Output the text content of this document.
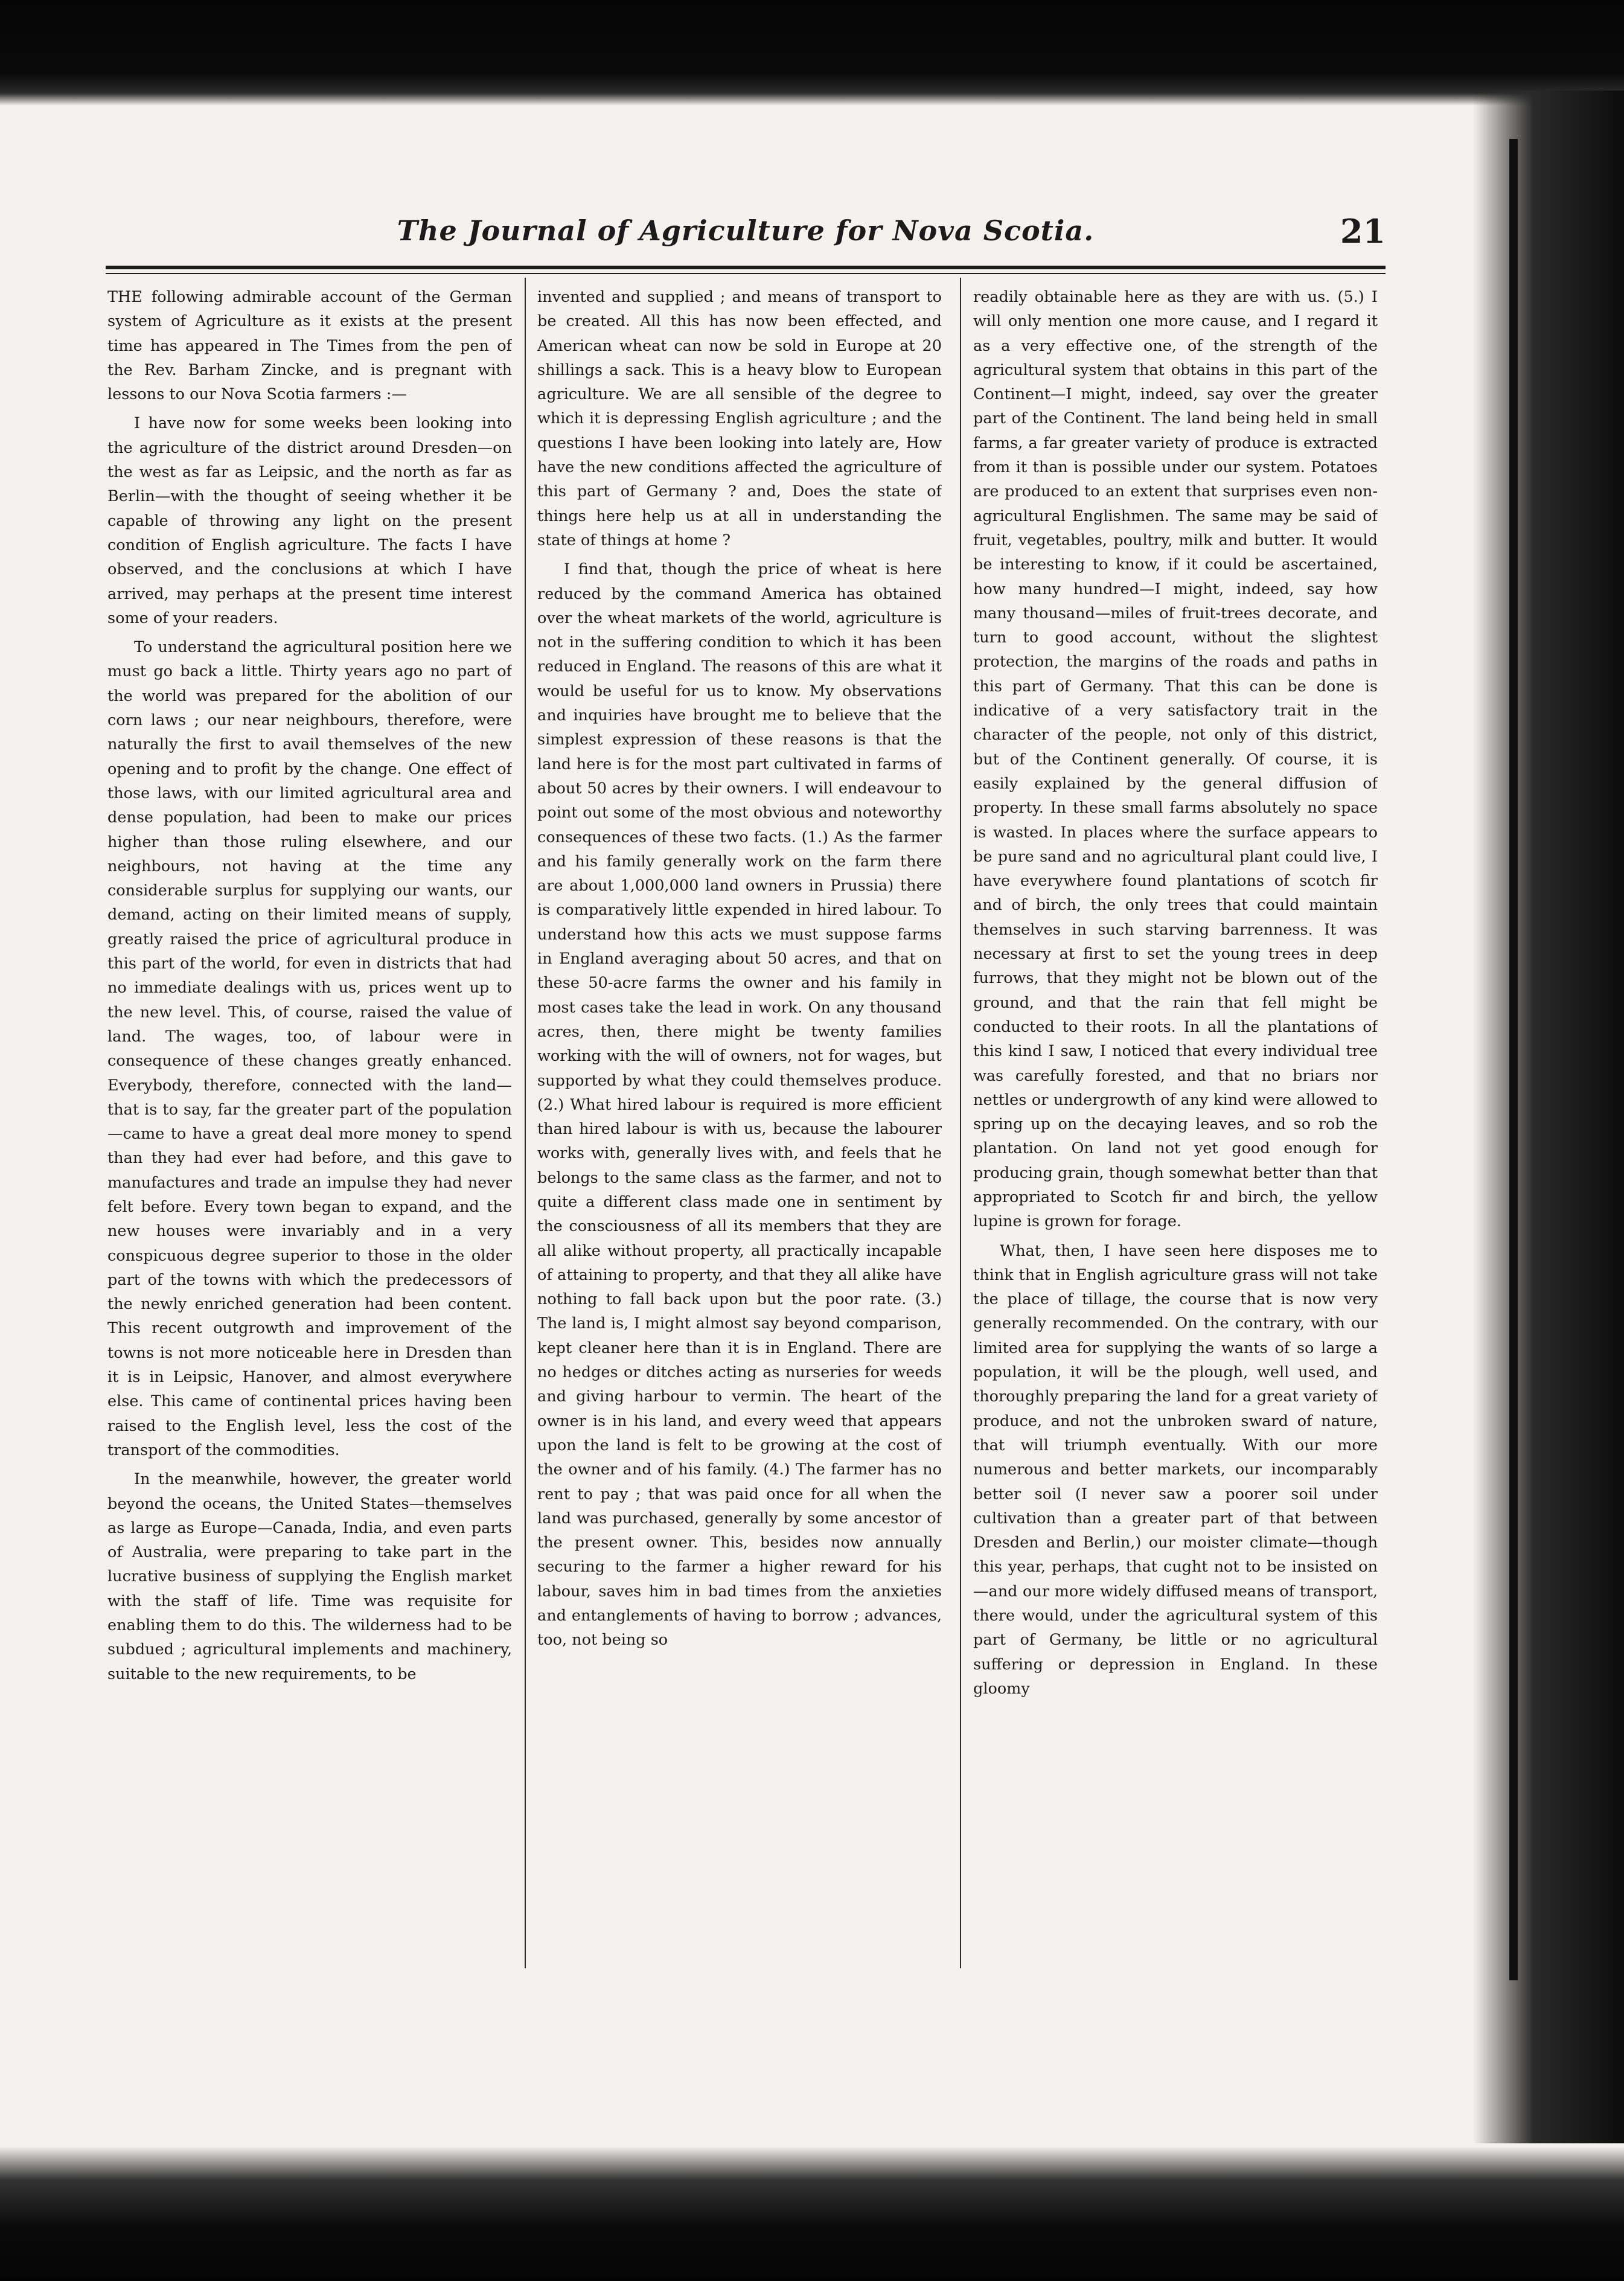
The Journal of Agriculture for Nova Scotia.	21

THE following admirable account of the German system of Agriculture as it exists at the present time has appeared in The Times from the pen of the Rev. Barham Zincke, and is pregnant with lessons to our Nova Scotia farmers :—

I have now for some weeks been looking into the agriculture of the district around Dresden—on the west as far as Leipsic, and the north as far as Berlin—with the thought of seeing whether it be capable of throwing any light on the present condition of English agriculture. The facts I have observed, and the conclusions at which I have arrived, may perhaps at the present time interest some of your readers.

To understand the agricultural position here we must go back a little. Thirty years ago no part of the world was prepared for the abolition of our corn laws ; our near neighbours, therefore, were naturally the first to avail themselves of the new opening and to profit by the change. One effect of those laws, with our limited agricultural area and dense population, had been to make our prices higher than those ruling elsewhere, and our neighbours, not having at the time any considerable surplus for supplying our wants, our demand, acting on their limited means of supply, greatly raised the price of agricultural produce in this part of the world, for even in districts that had no immediate dealings with us, prices went up to the new level. This, of course, raised the value of land. The wages, too, of labour were in consequence of these changes greatly enhanced. Everybody, therefore, connected with the land—that is to say, far the greater part of the population—came to have a great deal more money to spend than they had ever had before, and this gave to manufactures and trade an impulse they had never felt before. Every town began to expand, and the new houses were invariably and in a very conspicuous degree superior to those in the older part of the towns with which the predecessors of the newly enriched generation had been content. This recent outgrowth and improvement of the towns is not more noticeable here in Dresden than it is in Leipsic, Hanover, and almost everywhere else. This came of continental prices having been raised to the English level, less the cost of the transport of the commodities.

In the meanwhile, however, the greater world beyond the oceans, the United States—themselves as large as Europe—Canada, India, and even parts of Australia, were preparing to take part in the lucrative business of supplying the English market with the staff of life. Time was requisite for enabling them to do this. The wilderness had to be subdued ; agricultural implements and machinery, suitable to the new requirements, to be

invented and supplied ; and means of transport to be created. All this has now been effected, and American wheat can now be sold in Europe at 20 shillings a sack. This is a heavy blow to European agriculture. We are all sensible of the degree to which it is depressing English agriculture ; and the questions I have been looking into lately are, How have the new conditions affected the agriculture of this part of Germany ? and, Does the state of things here help us at all in understanding the state of things at home ?

I find that, though the price of wheat is here reduced by the command America has obtained over the wheat markets of the world, agriculture is not in the suffering condition to which it has been reduced in England. The reasons of this are what it would be useful for us to know. My observations and inquiries have brought me to believe that the simplest expression of these reasons is that the land here is for the most part cultivated in farms of about 50 acres by their owners. I will endeavour to point out some of the most obvious and noteworthy consequences of these two facts. (1.) As the farmer and his family generally work on the farm there are about 1,000,000 land owners in Prussia) there is comparatively little expended in hired labour. To understand how this acts we must suppose farms in England averaging about 50 acres, and that on these 50-acre farms the owner and his family in most cases take the lead in work. On any thousand acres, then, there might be twenty families working with the will of owners, not for wages, but supported by what they could themselves produce. (2.) What hired labour is required is more efficient than hired labour is with us, because the labourer works with, generally lives with, and feels that he belongs to the same class as the farmer, and not to quite a different class made one in sentiment by the consciousness of all its members that they are all alike without property, all practically incapable of attaining to property, and that they all alike have nothing to fall back upon but the poor rate. (3.) The land is, I might almost say beyond comparison, kept cleaner here than it is in England. There are no hedges or ditches acting as nurseries for weeds and giving harbour to vermin. The heart of the owner is in his land, and every weed that appears upon the land is felt to be growing at the cost of the owner and of his family. (4.) The farmer has no rent to pay ; that was paid once for all when the land was purchased, generally by some ancestor of the present owner. This, besides now annually securing to the farmer a higher reward for his labour, saves him in bad times from the anxieties and entanglements of having to borrow ; advances, too, not being so

readily obtainable here as they are with us. (5.) I will only mention one more cause, and I regard it as a very effective one, of the strength of the agricultural system that obtains in this part of the Continent—I might, indeed, say over the greater part of the Continent. The land being held in small farms, a far greater variety of produce is extracted from it than is possible under our system. Potatoes are produced to an extent that surprises even non-agricultural Englishmen. The same may be said of fruit, vegetables, poultry, milk and butter. It would be interesting to know, if it could be ascertained, how many hundred—I might, indeed, say how many thousand—miles of fruit-trees decorate, and turn to good account, without the slightest protection, the margins of the roads and paths in this part of Germany. That this can be done is indicative of a very satisfactory trait in the character of the people, not only of this district, but of the Continent generally. Of course, it is easily explained by the general diffusion of property. In these small farms absolutely no space is wasted. In places where the surface appears to be pure sand and no agricultural plant could live, I have everywhere found plantations of scotch fir and of birch, the only trees that could maintain themselves in such starving barrenness. It was necessary at first to set the young trees in deep furrows, that they might not be blown out of the ground, and that the rain that fell might be conducted to their roots. In all the plantations of this kind I saw, I noticed that every individual tree was carefully forested, and that no briars nor nettles or undergrowth of any kind were allowed to spring up on the decaying leaves, and so rob the plantation. On land not yet good enough for producing grain, though somewhat better than that appropriated to Scotch fir and birch, the yellow lupine is grown for forage.

What, then, I have seen here disposes me to think that in English agriculture grass will not take the place of tillage, the course that is now very generally recommended. On the contrary, with our limited area for supplying the wants of so large a population, it will be the plough, well used, and thoroughly preparing the land for a great variety of produce, and not the unbroken sward of nature, that will triumph eventually. With our more numerous and better markets, our incomparably better soil (I never saw a poorer soil under cultivation than a greater part of that between Dresden and Berlin,) our moister climate—though this year, perhaps, that cught not to be insisted on—and our more widely diffused means of transport, there would, under the agricultural system of this part of Germany, be little or no agricultural suffering or depression in England. In these gloomy
